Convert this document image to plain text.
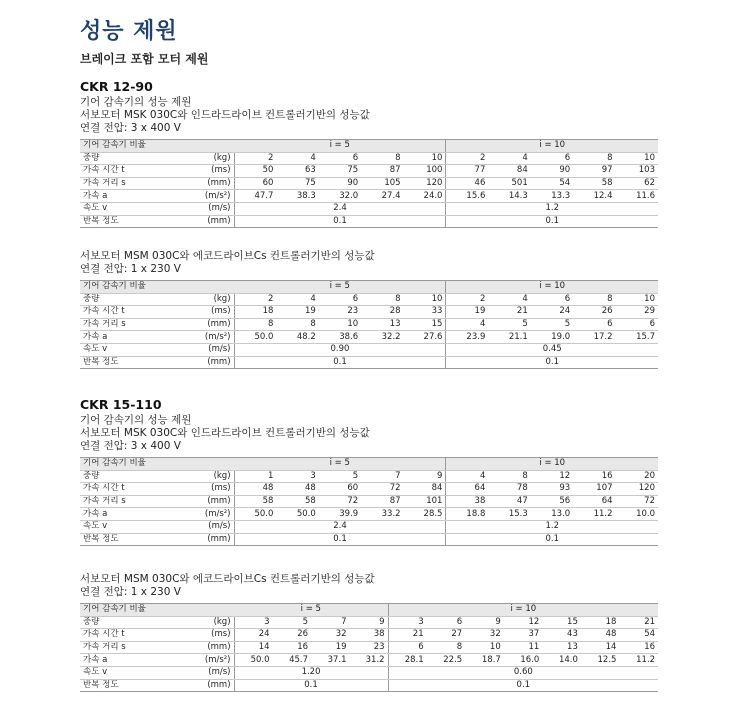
성능 제원
브레이크 포함 모터 제원
CKR 12-90
기어 감속기의 성능 제원
서보모터 MSK 030C와 인드라드라이브 컨트롤러기반의 성능값
연결 전압: 3 x 400 V
기어 감속기 비율		i = 5					i = 10				
중량	(kg)	2	4	6	8	10	2	4	6	8	10
가속 시간 t	(ms)	50	63	75	87	100	77	84	90	97	103
가속 거리 s	(mm)	60	75	90	105	120	46	501	54	58	62
가속 a	(m/s²)	47.7	38.3	32.0	27.4	24.0	15.6	14.3	13.3	12.4	11.6
속도 v	(m/s)	2.4					1.2				
반복 정도	(mm)	0.1					0.1				
서보모터 MSM 030C와 에코드라이브Cs 컨트롤러기반의 성능값
연결 전압: 1 x 230 V
기어 감속기 비율		i = 5					i = 10				
중량	(kg)	2	4	6	8	10	2	4	6	8	10
가속 시간 t	(ms)	18	19	23	28	33	19	21	24	26	29
가속 거리 s	(mm)	8	8	10	13	15	4	5	5	6	6
가속 a	(m/s²)	50.0	48.2	38.6	32.2	27.6	23.9	21.1	19.0	17.2	15.7
속도 v	(m/s)	0.90					0.45				
반복 정도	(mm)	0.1					0.1				
CKR 15-110
기어 감속기의 성능 제원
서보모터 MSK 030C와 인드라드라이브 컨트롤러기반의 성능값
연결 전압: 3 x 400 V
기어 감속기 비율		i = 5					i = 10				
중량	(kg)	1	3	5	7	9	4	8	12	16	20
가속 시간 t	(ms)	48	48	60	72	84	64	78	93	107	120
가속 거리 s	(mm)	58	58	72	87	101	38	47	56	64	72
가속 a	(m/s²)	50.0	50.0	39.9	33.2	28.5	18.8	15.3	13.0	11.2	10.0
속도 v	(m/s)	2.4					1.2				
반복 정도	(mm)	0.1					0.1				
서보모터 MSM 030C와 에코드라이브Cs 컨트롤러기반의 성능값
연결 전압: 1 x 230 V
기어 감속기 비율		i = 5				i = 10						
중량	(kg)	3	5	7	9	3	6	9	12	15	18	21
가속 시간 t	(ms)	24	26	32	38	21	27	32	37	43	48	54
가속 거리 s	(mm)	14	16	19	23	6	8	10	11	13	14	16
가속 a	(m/s²)	50.0	45.7	37.1	31.2	28.1	22.5	18.7	16.0	14.0	12.5	11.2
속도 v	(m/s)	1.20				0.60						
반복 정도	(mm)	0.1				0.1						
